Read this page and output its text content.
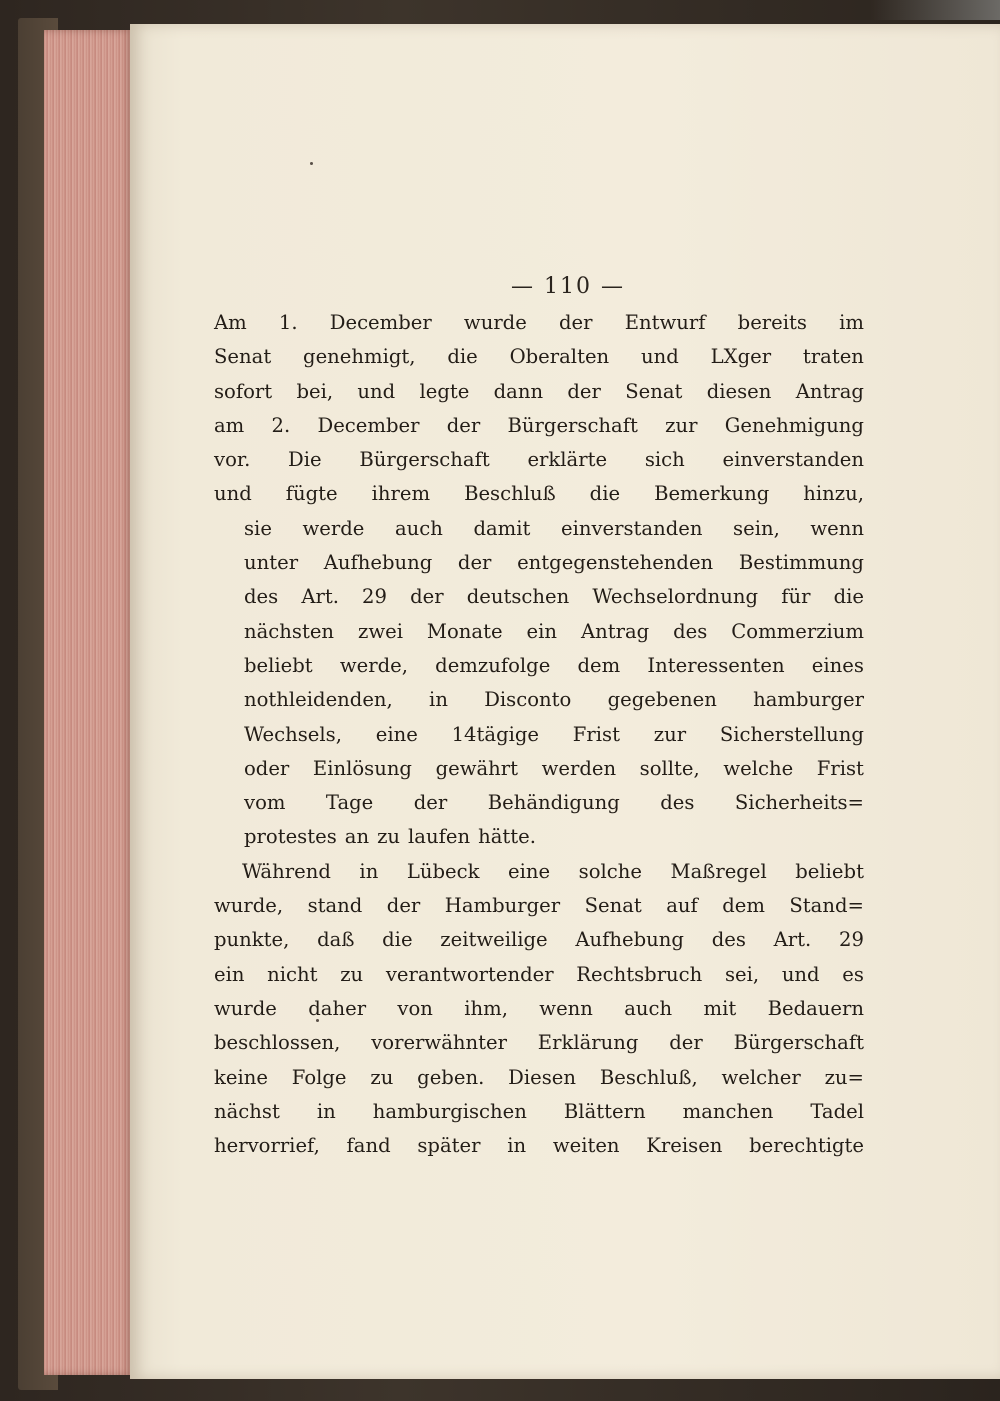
— 110 —
Am 1. December wurde der Entwurf bereits im
Senat genehmigt, die Oberalten und LXger traten
sofort bei, und legte dann der Senat diesen Antrag
am 2. December der Bürgerschaft zur Genehmigung
vor. Die Bürgerschaft erklärte sich einverstanden
und fügte ihrem Beschluß die Bemerkung hinzu,
sie werde auch damit einverstanden sein, wenn
unter Aufhebung der entgegenstehenden Bestimmung
des Art. 29 der deutschen Wechselordnung für die
nächsten zwei Monate ein Antrag des Commerzium
beliebt werde, demzufolge dem Interessenten eines
nothleidenden, in Disconto gegebenen hamburger
Wechsels, eine 14tägige Frist zur Sicherstellung
oder Einlösung gewährt werden sollte, welche Frist
vom Tage der Behändigung des Sicherheits=
protestes an zu laufen hätte.
Während in Lübeck eine solche Maßregel beliebt
wurde, stand der Hamburger Senat auf dem Stand=
punkte, daß die zeitweilige Aufhebung des Art. 29
ein nicht zu verantwortender Rechtsbruch sei, und es
wurde daher von ihm, wenn auch mit Bedauern
beschlossen, vorerwähnter Erklärung der Bürgerschaft
keine Folge zu geben. Diesen Beschluß, welcher zu=
nächst in hamburgischen Blättern manchen Tadel
hervorrief, fand später in weiten Kreisen berechtigte
